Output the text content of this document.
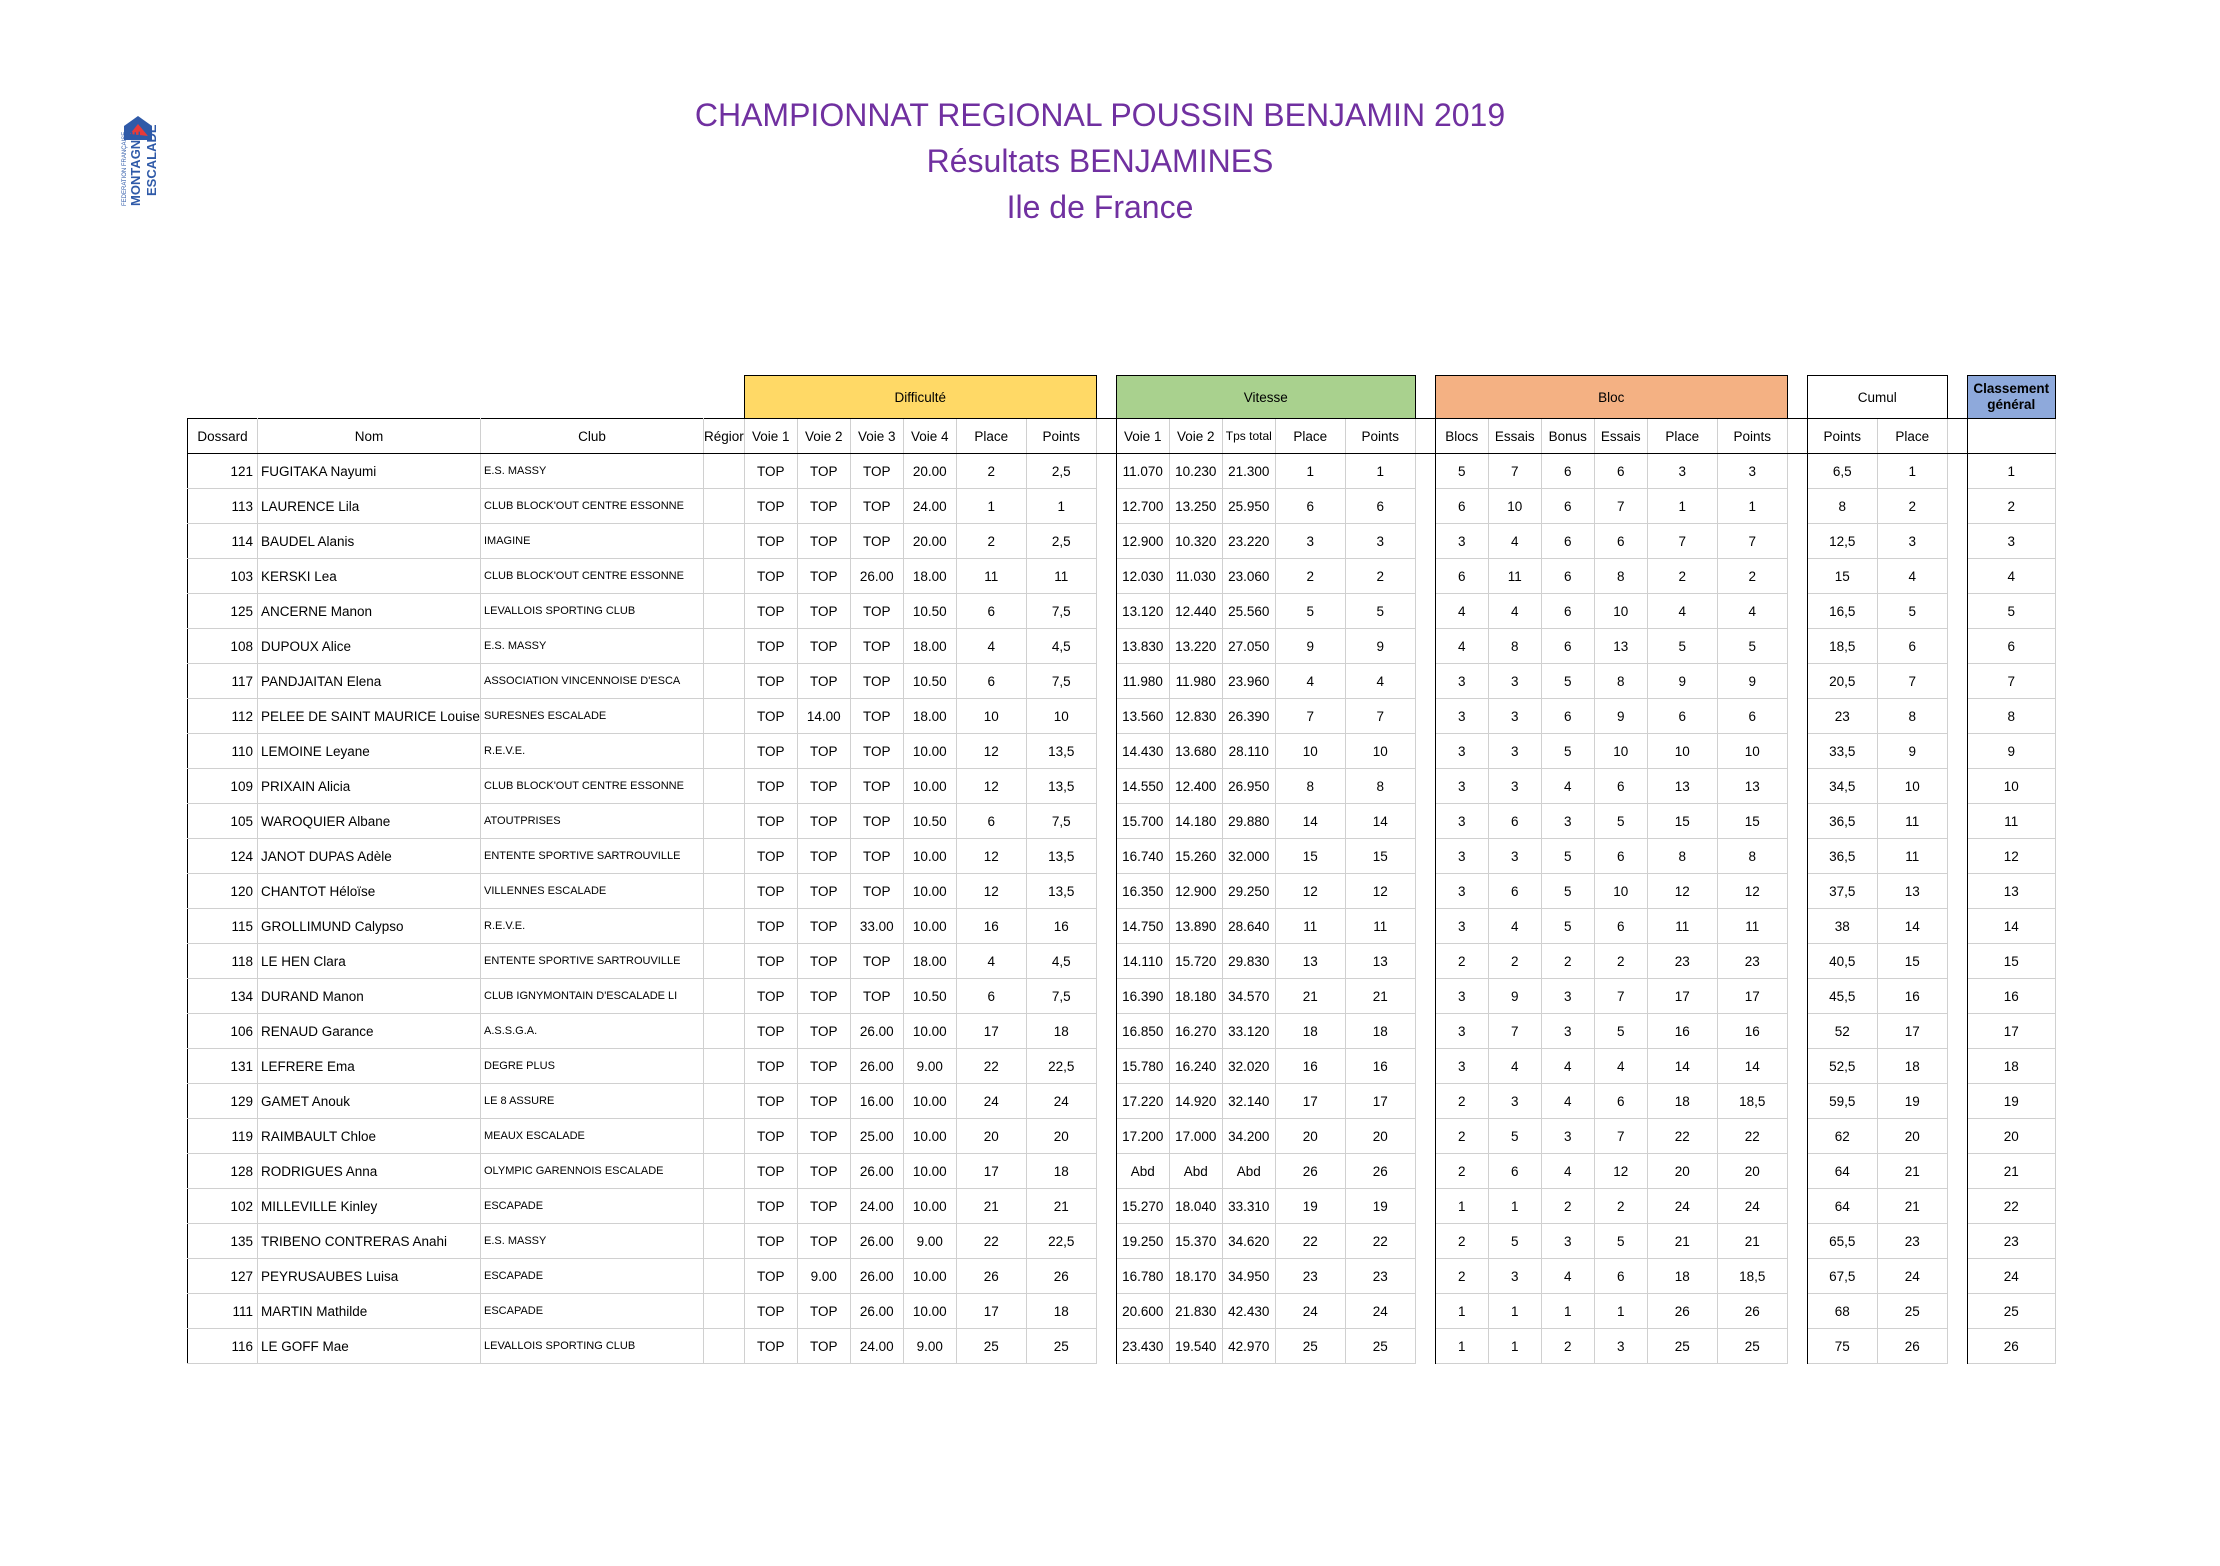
FEDERATION FRANÇAISE MONTAGNE ESCALADE
CHAMPIONNAT REGIONAL POUSSIN BENJAMIN 2019
Résultats BENJAMINES
Ile de France
				Difficulté							Vitesse						Bloc							Cumul			Classement général
Dossard	Nom	Club	Régior	Voie 1	Voie 2	Voie 3	Voie 4	Place	Points		Voie 1	Voie 2	Tps total	Place	Points		Blocs	Essais	Bonus	Essais	Place	Points		Points	Place		
121	FUGITAKA Nayumi	E.S. MASSY		TOP	TOP	TOP	20.00	2	2,5		11.070	10.230	21.300	1	1		5	7	6	6	3	3		6,5	1		1
113	LAURENCE Lila	CLUB BLOCK'OUT CENTRE ESSONNE		TOP	TOP	TOP	24.00	1	1		12.700	13.250	25.950	6	6		6	10	6	7	1	1		8	2		2
114	BAUDEL Alanis	IMAGINE		TOP	TOP	TOP	20.00	2	2,5		12.900	10.320	23.220	3	3		3	4	6	6	7	7		12,5	3		3
103	KERSKI Lea	CLUB BLOCK'OUT CENTRE ESSONNE		TOP	TOP	26.00	18.00	11	11		12.030	11.030	23.060	2	2		6	11	6	8	2	2		15	4		4
125	ANCERNE Manon	LEVALLOIS SPORTING CLUB		TOP	TOP	TOP	10.50	6	7,5		13.120	12.440	25.560	5	5		4	4	6	10	4	4		16,5	5		5
108	DUPOUX Alice	E.S. MASSY		TOP	TOP	TOP	18.00	4	4,5		13.830	13.220	27.050	9	9		4	8	6	13	5	5		18,5	6		6
117	PANDJAITAN Elena	ASSOCIATION VINCENNOISE D'ESCA		TOP	TOP	TOP	10.50	6	7,5		11.980	11.980	23.960	4	4		3	3	5	8	9	9		20,5	7		7
112	PELEE DE SAINT MAURICE Louise	SURESNES ESCALADE		TOP	14.00	TOP	18.00	10	10		13.560	12.830	26.390	7	7		3	3	6	9	6	6		23	8		8
110	LEMOINE Leyane	R.E.V.E.		TOP	TOP	TOP	10.00	12	13,5		14.430	13.680	28.110	10	10		3	3	5	10	10	10		33,5	9		9
109	PRIXAIN Alicia	CLUB BLOCK'OUT CENTRE ESSONNE		TOP	TOP	TOP	10.00	12	13,5		14.550	12.400	26.950	8	8		3	3	4	6	13	13		34,5	10		10
105	WAROQUIER Albane	ATOUTPRISES		TOP	TOP	TOP	10.50	6	7,5		15.700	14.180	29.880	14	14		3	6	3	5	15	15		36,5	11		11
124	JANOT DUPAS Adèle	ENTENTE SPORTIVE SARTROUVILLE		TOP	TOP	TOP	10.00	12	13,5		16.740	15.260	32.000	15	15		3	3	5	6	8	8		36,5	11		12
120	CHANTOT Héloïse	VILLENNES ESCALADE		TOP	TOP	TOP	10.00	12	13,5		16.350	12.900	29.250	12	12		3	6	5	10	12	12		37,5	13		13
115	GROLLIMUND Calypso	R.E.V.E.		TOP	TOP	33.00	10.00	16	16		14.750	13.890	28.640	11	11		3	4	5	6	11	11		38	14		14
118	LE HEN Clara	ENTENTE SPORTIVE SARTROUVILLE		TOP	TOP	TOP	18.00	4	4,5		14.110	15.720	29.830	13	13		2	2	2	2	23	23		40,5	15		15
134	DURAND Manon	CLUB IGNYMONTAIN D'ESCALADE LI		TOP	TOP	TOP	10.50	6	7,5		16.390	18.180	34.570	21	21		3	9	3	7	17	17		45,5	16		16
106	RENAUD Garance	A.S.S.G.A.		TOP	TOP	26.00	10.00	17	18		16.850	16.270	33.120	18	18		3	7	3	5	16	16		52	17		17
131	LEFRERE Ema	DEGRE PLUS		TOP	TOP	26.00	9.00	22	22,5		15.780	16.240	32.020	16	16		3	4	4	4	14	14		52,5	18		18
129	GAMET Anouk	LE 8 ASSURE		TOP	TOP	16.00	10.00	24	24		17.220	14.920	32.140	17	17		2	3	4	6	18	18,5		59,5	19		19
119	RAIMBAULT Chloe	MEAUX ESCALADE		TOP	TOP	25.00	10.00	20	20		17.200	17.000	34.200	20	20		2	5	3	7	22	22		62	20		20
128	RODRIGUES Anna	OLYMPIC GARENNOIS ESCALADE		TOP	TOP	26.00	10.00	17	18		Abd	Abd	Abd	26	26		2	6	4	12	20	20		64	21		21
102	MILLEVILLE Kinley	ESCAPADE		TOP	TOP	24.00	10.00	21	21		15.270	18.040	33.310	19	19		1	1	2	2	24	24		64	21		22
135	TRIBENO CONTRERAS Anahi	E.S. MASSY		TOP	TOP	26.00	9.00	22	22,5		19.250	15.370	34.620	22	22		2	5	3	5	21	21		65,5	23		23
127	PEYRUSAUBES Luisa	ESCAPADE		TOP	9.00	26.00	10.00	26	26		16.780	18.170	34.950	23	23		2	3	4	6	18	18,5		67,5	24		24
111	MARTIN Mathilde	ESCAPADE		TOP	TOP	26.00	10.00	17	18		20.600	21.830	42.430	24	24		1	1	1	1	26	26		68	25		25
116	LE GOFF Mae	LEVALLOIS SPORTING CLUB		TOP	TOP	24.00	9.00	25	25		23.430	19.540	42.970	25	25		1	1	2	3	25	25		75	26		26
